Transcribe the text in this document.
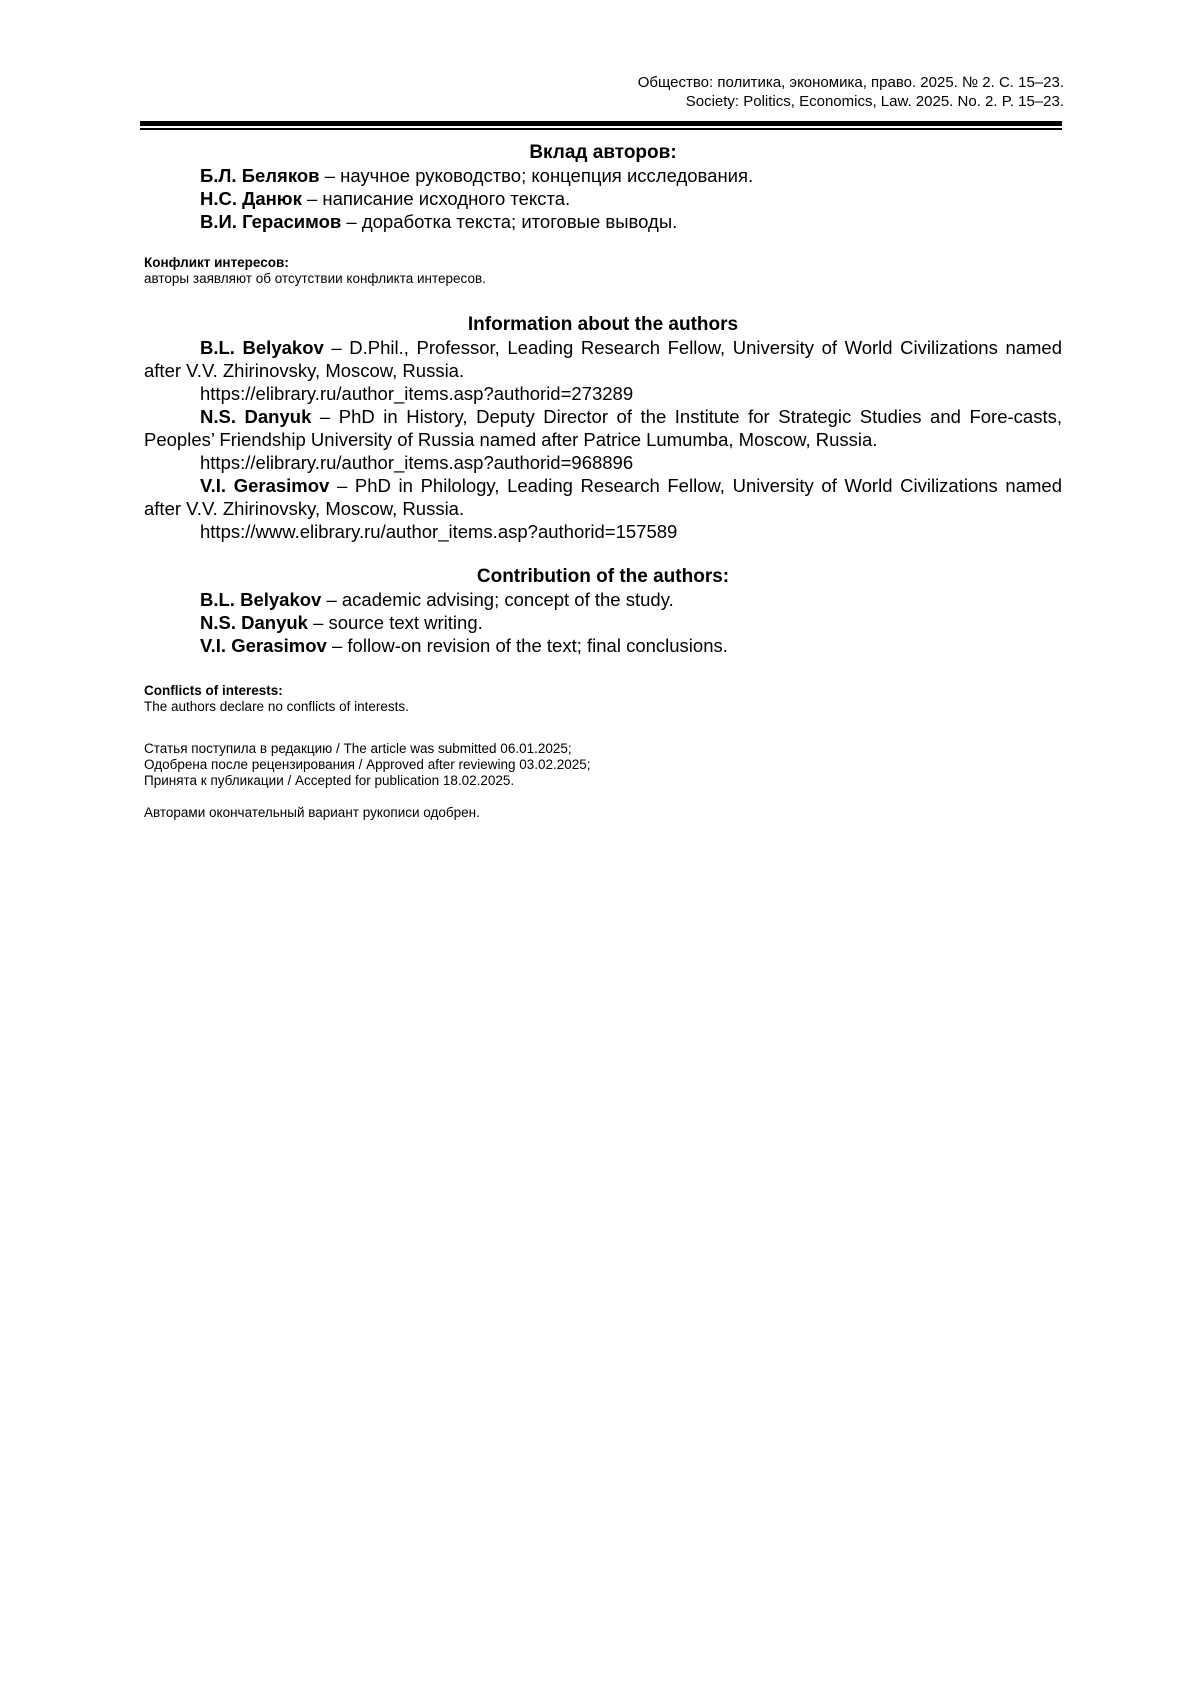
Общество: политика, экономика, право. 2025. № 2. С. 15–23.
Society: Politics, Economics, Law. 2025. No. 2. P. 15–23.

Вклад авторов:

Б.Л. Беляков – научное руководство; концепция исследования.

Н.С. Данюк – написание исходного текста.

В.И. Герасимов – доработка текста; итоговые выводы.

Конфликт интересов:

авторы заявляют об отсутствии конфликта интересов.

Information about the authors

B.L. Belyakov – D.Phil., Professor, Leading Research Fellow, University of World Civilizations named after V.V. Zhirinovsky, Moscow, Russia.

https://elibrary.ru/author_items.asp?authorid=273289

N.S. Danyuk – PhD in History, Deputy Director of the Institute for Strategic Studies and Fore-casts, Peoples’ Friendship University of Russia named after Patrice Lumumba, Moscow, Russia.

https://elibrary.ru/author_items.asp?authorid=968896

V.I. Gerasimov – PhD in Philology, Leading Research Fellow, University of World Civilizations named after V.V. Zhirinovsky, Moscow, Russia.

https://www.elibrary.ru/author_items.asp?authorid=157589

Contribution of the authors:

B.L. Belyakov – academic advising; concept of the study.

N.S. Danyuk – source text writing.

V.I. Gerasimov – follow-on revision of the text; final conclusions.

Conflicts of interests:

The authors declare no conflicts of interests.

Статья поступила в редакцию / The article was submitted 06.01.2025;

Одобрена после рецензирования / Approved after reviewing 03.02.2025;

Принята к публикации / Accepted for publication 18.02.2025.

Авторами окончательный вариант рукописи одобрен.
